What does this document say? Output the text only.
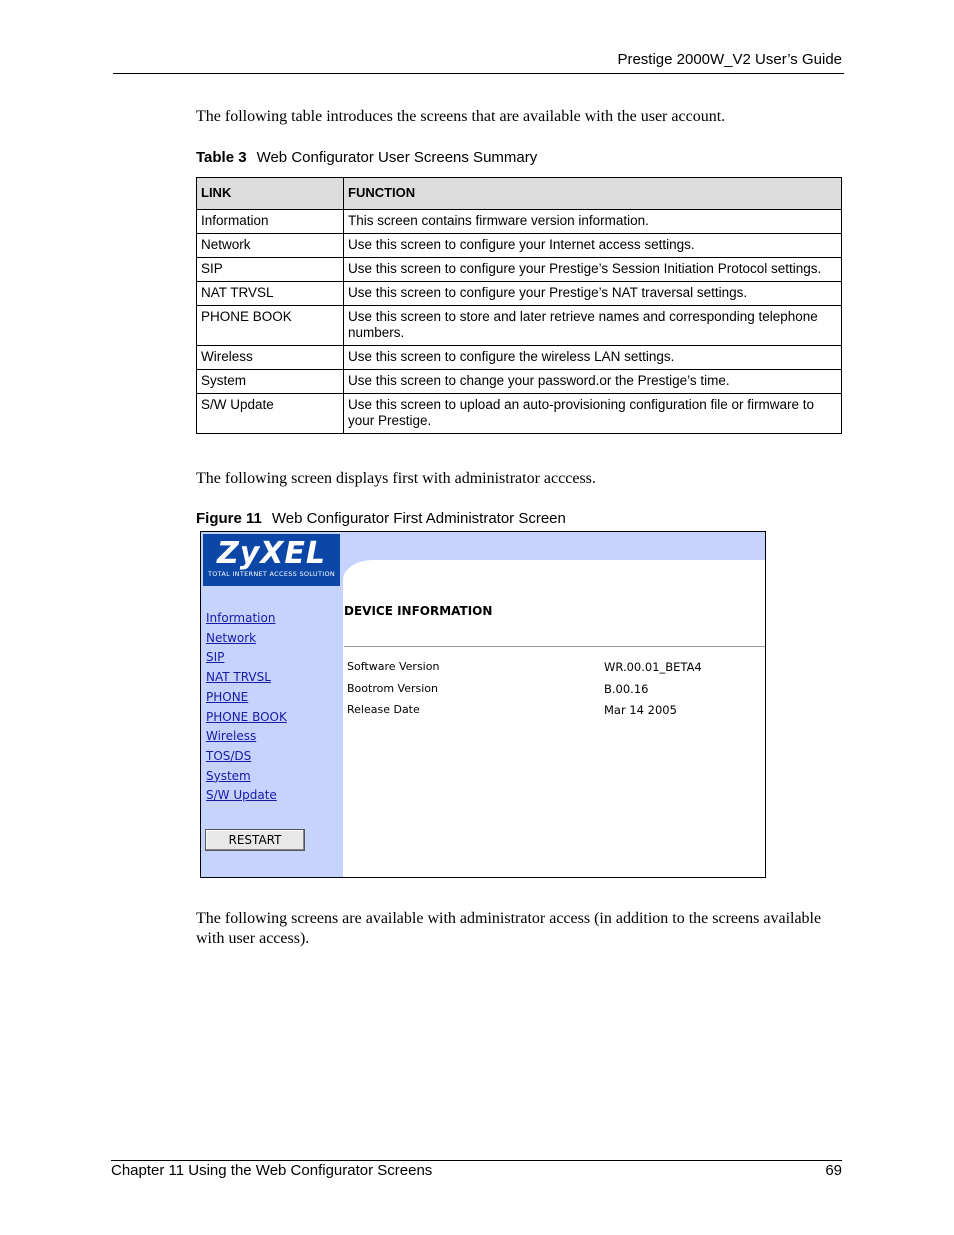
Prestige 2000W_V2 User’s Guide
The following table introduces the screens that are available with the user account.
Table 3 Web Configurator User Screens Summary
LINK	FUNCTION
Information	This screen contains firmware version information.
Network	Use this screen to configure your Internet access settings.
SIP	Use this screen to configure your Prestige’s Session Initiation Protocol settings.
NAT TRVSL	Use this screen to configure your Prestige’s NAT traversal settings.
PHONE BOOK	Use this screen to store and later retrieve names and corresponding telephone numbers.
Wireless	Use this screen to configure the wireless LAN settings.
System	Use this screen to change your password.or the Prestige’s time.
S/W Update	Use this screen to upload an auto-provisioning configuration file or firmware to your Prestige.
The following screen displays first with administrator acccess.
Figure 11 Web Configurator First Administrator Screen
ZyXEL
TOTAL INTERNET ACCESS SOLUTION
Information
Network
SIP
NAT TRVSL
PHONE
PHONE BOOK
Wireless
TOS/DS
System
S/W Update
RESTART
DEVICE INFORMATION
Software Version	WR.00.01_BETA4
Bootrom Version	B.00.16
Release Date	Mar 14 2005
The following screens are available with administrator access (in addition to the screens available with user access).
Chapter 11 Using the Web Configurator Screens	69
